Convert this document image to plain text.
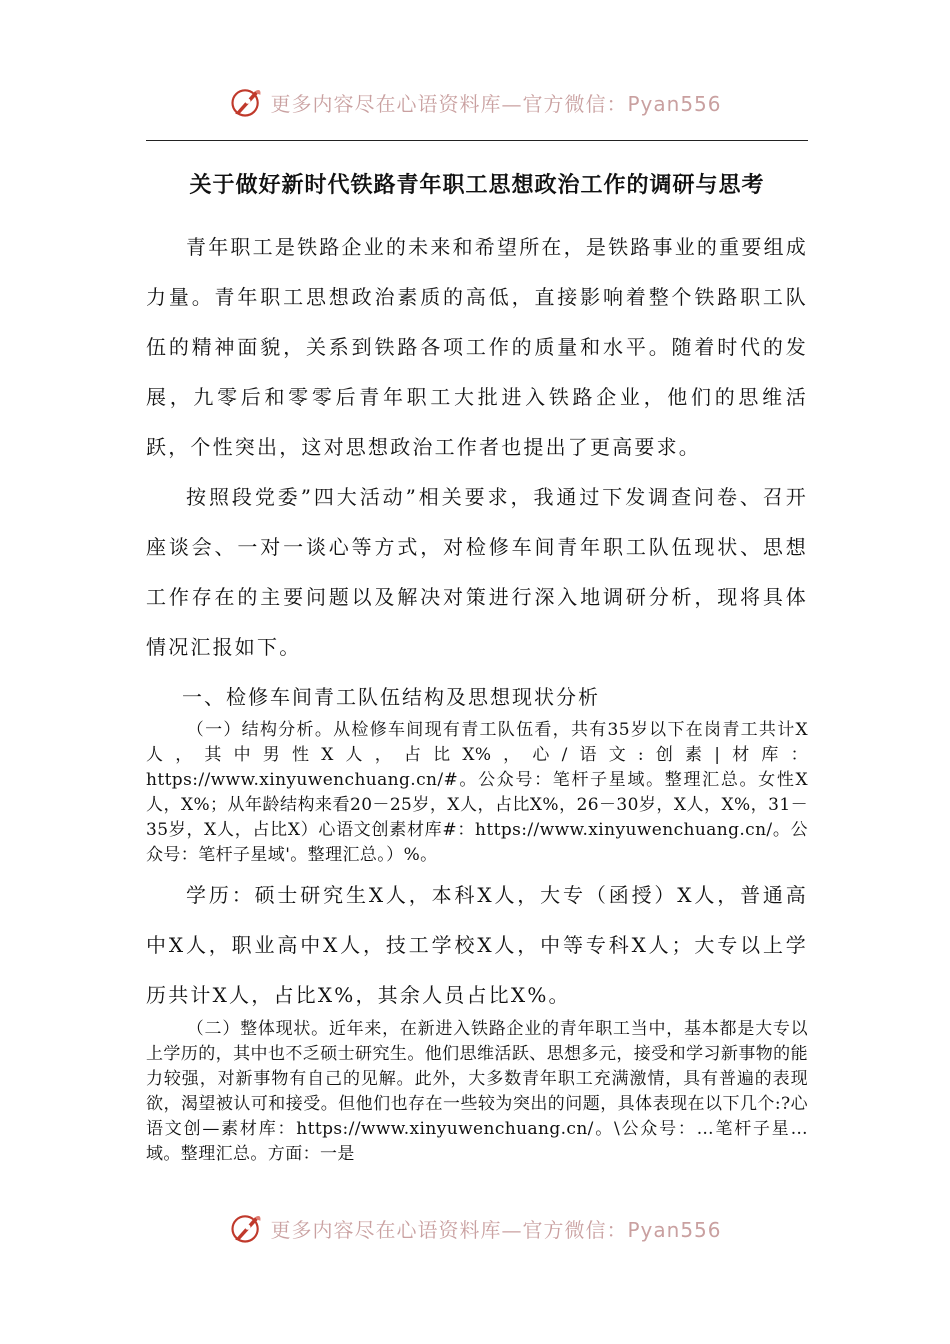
更多内容尽在心语资料库—官方微信：Pyan556
关于做好新时代铁路青年职工思想政治工作的调研与思考
青年职工是铁路企业的未来和希望所在，是铁路事业的重要组成力量。青年职工思想政治素质的高低，直接影响着整个铁路职工队伍的精神面貌，关系到铁路各项工作的质量和水平。随着时代的发展，九零后和零零后青年职工大批进入铁路企业，他们的思维活跃，个性突出，这对思想政治工作者也提出了更高要求。
按照段党委”四大活动”相关要求，我通过下发调查问卷、召开座谈会、一对一谈心等方式，对检修车间青年职工队伍现状、思想工作存在的主要问题以及解决对策进行深入地调研分析，现将具体情况汇报如下。
一、检修车间青工队伍结构及思想现状分析
（一）结构分析。从检修车间现有青工队伍看，共有35岁以下在岗青工共计X人，其中男性X人，占比X%，心/语文:创素|材库：https://www.xinyuwenchuang.cn/#。公众号：笔杆子星域。整理汇总。女性X人，X%；从年龄结构来看20－25岁，X人，占比X%，26－30岁，X人，X%，31－35岁，X人，占比X）心语文创素材库#：https://www.xinyuwenchuang.cn/。公众号：笔杆子星域'。整理汇总。）%。
学历：硕士研究生X人，本科X人，大专（函授）X人，普通高中X人，职业高中X人，技工学校X人，中等专科X人；大专以上学历共计X人，占比X%，其余人员占比X%。
（二）整体现状。近年来，在新进入铁路企业的青年职工当中，基本都是大专以上学历的，其中也不乏硕士研究生。他们思维活跃、思想多元，接受和学习新事物的能力较强，对新事物有自己的见解。此外，大多数青年职工充满激情，具有普遍的表现欲，渴望被认可和接受。但他们也存在一些较为突出的问题，具体表现在以下几个:?心语文创—素材库：https://www.xinyuwenchuang.cn/。\公众号：…笔杆子星…域。整理汇总。方面：一是
更多内容尽在心语资料库—官方微信：Pyan556
